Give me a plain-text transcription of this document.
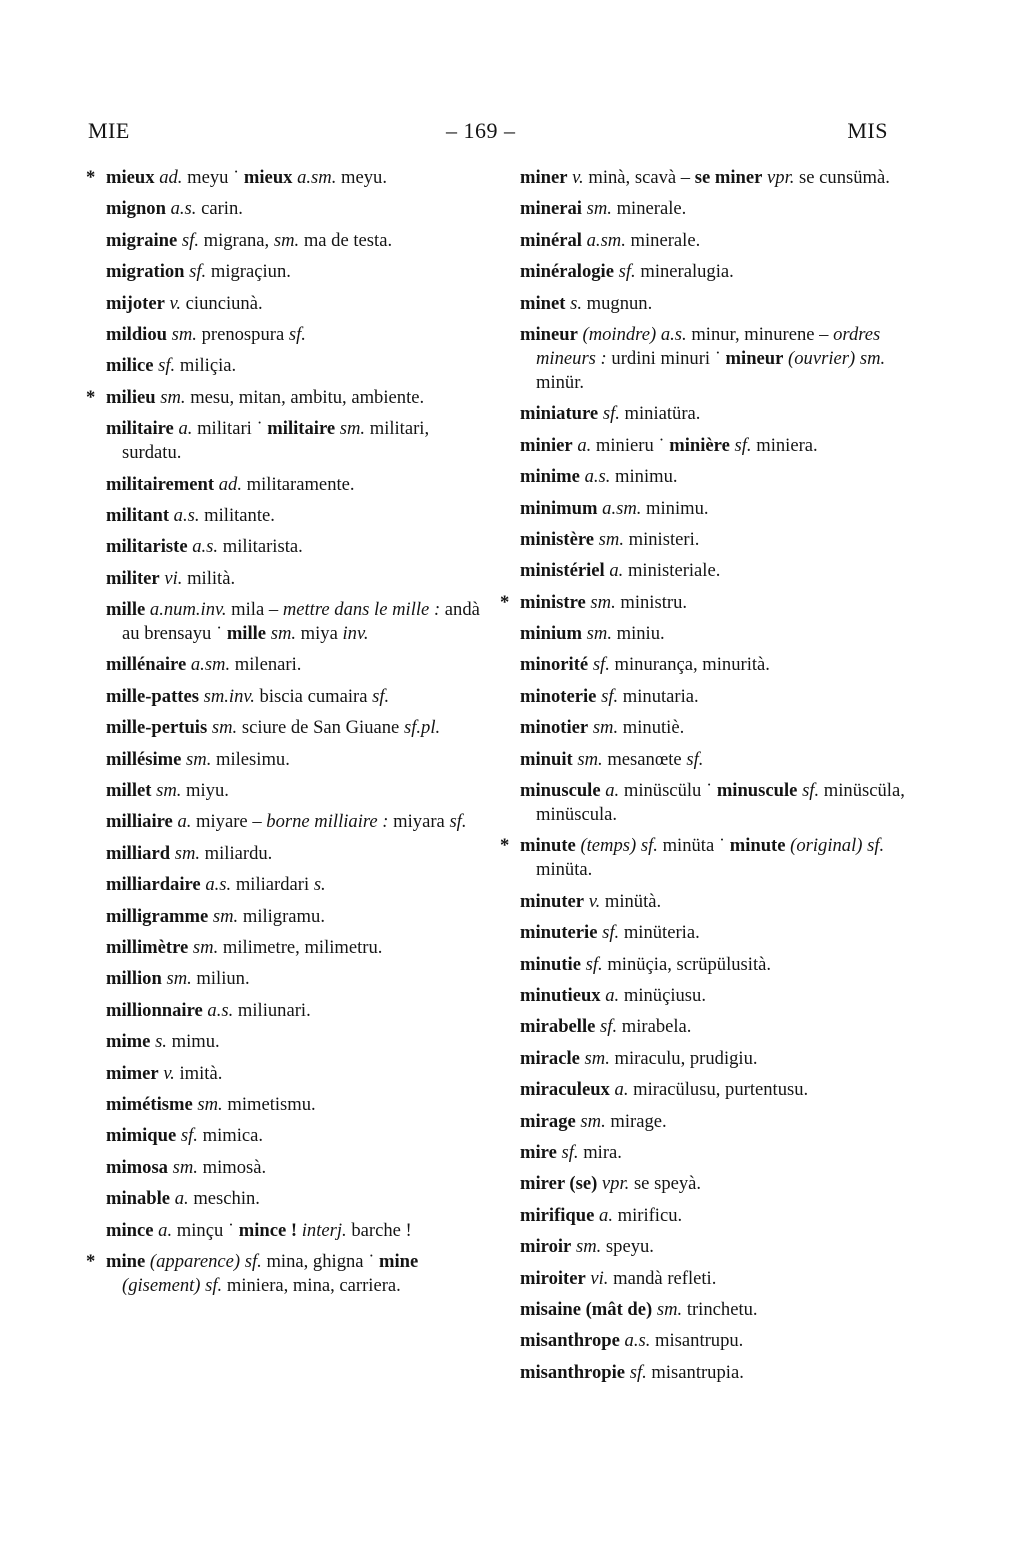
MIE	– 169 –	MIS
* mieux ad. meyu ˙ mieux a.sm. meyu.
mignon a.s. carin.
migraine sf. migrana, sm. ma de testa.
migration sf. migraçiun.
mijoter v. ciunciunà.
mildiou sm. prenospura sf.
milice sf. miliçia.
* milieu sm. mesu, mitan, ambitu, ambiente.
militaire a. militari ˙ militaire sm. militari, surdatu.
militairement ad. militaramente.
militant a.s. militante.
militariste a.s. militarista.
militer vi. milità.
mille a.num.inv. mila – mettre dans le mille : andà au brensayu ˙ mille sm. miya inv.
millénaire a.sm. milenari.
mille-pattes sm.inv. biscia cumaira sf.
mille-pertuis sm. sciure de San Giuane sf.pl.
millésime sm. milesimu.
millet sm. miyu.
milliaire a. miyare – borne milliaire : miyara sf.
milliard sm. miliardu.
milliardaire a.s. miliardari s.
milligramme sm. miligramu.
millimètre sm. milimetre, milimetru.
million sm. miliun.
millionnaire a.s. miliunari.
mime s. mimu.
mimer v. imità.
mimétisme sm. mimetismu.
mimique sf. mimica.
mimosa sm. mimosà.
minable a. meschin.
mince a. minçu ˙ mince ! interj. barche !
* mine (apparence) sf. mina, ghigna ˙ mine (gisement) sf. miniera, mina, carriera.
miner v. minà, scavà – se miner vpr. se cunsümà.
minerai sm. minerale.
minéral a.sm. minerale.
minéralogie sf. mineralugia.
minet s. mugnun.
mineur (moindre) a.s. minur, minurene – ordres mineurs : urdini minuri ˙ mineur (ouvrier) sm. minür.
miniature sf. miniatüra.
minier a. minieru ˙ minière sf. miniera.
minime a.s. minimu.
minimum a.sm. minimu.
ministère sm. ministeri.
ministériel a. ministeriale.
* ministre sm. ministru.
minium sm. miniu.
minorité sf. minurança, minurità.
minoterie sf. minutaria.
minotier sm. minutiè.
minuit sm. mesanœte sf.
minuscule a. minüscülu ˙ minuscule sf. minüscüla, minüscula.
* minute (temps) sf. minüta ˙ minute (original) sf. minüta.
minuter v. minütà.
minuterie sf. minüteria.
minutie sf. minüçia, scrüpülusità.
minutieux a. minüçiusu.
mirabelle sf. mirabela.
miracle sm. miraculu, prudigiu.
miraculeux a. miracülusu, purtentusu.
mirage sm. mirage.
mire sf. mira.
mirer (se) vpr. se speyà.
mirifique a. mirificu.
miroir sm. speyu.
miroiter vi. mandà refleti.
misaine (mât de) sm. trinchetu.
misanthrope a.s. misantrupu.
misanthropie sf. misantrupia.
